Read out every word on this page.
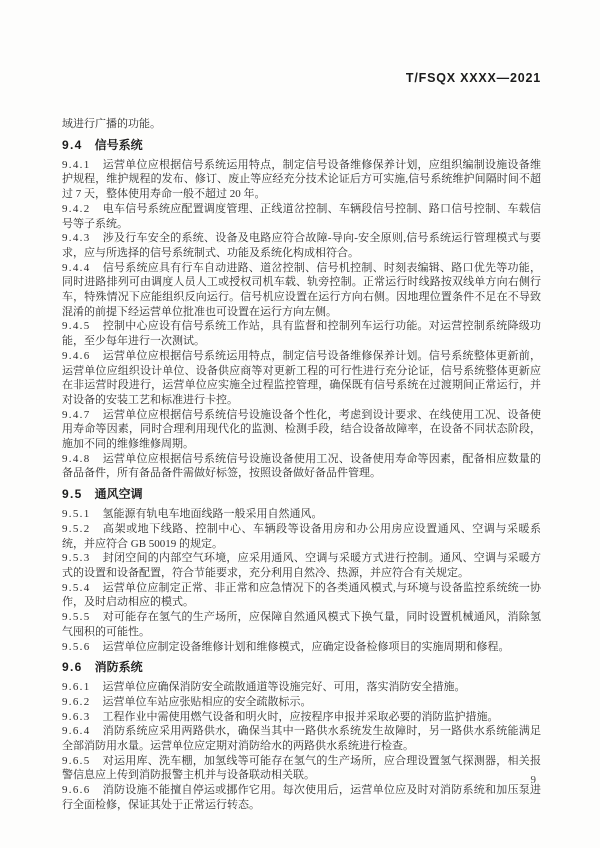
T/FSQX XXXX—2021

域进行广播的功能。

9.4 信号系统

9.4.1 运营单位应根据信号系统运用特点，制定信号设备维修保养计划，应组织编制设施设备维护规程，维护规程的发布、修订、废止等应经充分技术论证后方可实施,信号系统维护间隔时间不超过 7 天，整体使用寿命一般不超过 20 年。

9.4.2 电车信号系统应配置调度管理、正线道岔控制、车辆段信号控制、路口信号控制、车载信号等子系统。

9.4.3 涉及行车安全的系统、设备及电路应符合故障-导向-安全原则,信号系统运行管理模式与要求，应与所选择的信号系统制式、功能及系统化构成相符合。

9.4.4 信号系统应具有行车自动进路、道岔控制、信号机控制、时刻表编辑、路口优先等功能，同时进路排列可由调度人员人工或授权司机车载、轨旁控制。正常运行时线路按双线单方向右侧行车，特殊情况下应能组织反向运行。信号机应设置在运行方向右侧。因地理位置条件不足在不导致混淆的前提下经运营单位批准也可设置在运行方向左侧。

9.4.5 控制中心应设有信号系统工作站，具有监督和控制列车运行功能。对运营控制系统降级功能，至少每年进行一次测试。

9.4.6 运营单位应根据信号系统运用特点，制定信号设备维修保养计划。信号系统整体更新前，运营单位应组织设计单位、设备供应商等对更新工程的可行性进行充分论证，信号系统整体更新应在非运营时段进行，运营单位应实施全过程监控管理，确保既有信号系统在过渡期间正常运行，并对设备的安装工艺和标准进行卡控。

9.4.7 运营单位应根据信号系统信号设施设备个性化，考虑到设计要求、在线使用工况、设备使用寿命等因素，同时合理利用现代化的监测、检测手段，结合设备故障率，在设备不同状态阶段，施加不同的维修维修周期。

9.4.8 运营单位应根据信号系统信号设施设备使用工况、设备使用寿命等因素，配备相应数量的备品备件，所有备品备件需做好标签，按照设备做好备品件管理。

9.5 通风空调

9.5.1 氢能源有轨电车地面线路一般采用自然通风。

9.5.2 高架或地下线路、控制中心、车辆段等设备用房和办公用房应设置通风、空调与采暖系统，并应符合 GB 50019 的规定。

9.5.3 封闭空间的内部空气环境，应采用通风、空调与采暖方式进行控制。通风、空调与采暖方式的设置和设备配置，符合节能要求，充分利用自然冷、热源，并应符合有关规定。

9.5.4 运营单位应制定正常、非正常和应急情况下的各类通风模式,与环境与设备监控系统统一协作，及时启动相应的模式。

9.5.5 对可能存在氢气的生产场所，应保障自然通风模式下换气量，同时设置机械通风，消除氢气囤积的可能性。

9.5.6 运营单位应制定设备维修计划和维修模式，应确定设备检修项目的实施周期和修程。

9.6 消防系统

9.6.1 运营单位应确保消防安全疏散通道等设施完好、可用，落实消防安全措施。

9.6.2 运营单位车站应张贴相应的安全疏散标示。

9.6.3 工程作业中需使用燃气设备和明火时，应按程序申报并采取必要的消防监护措施。

9.6.4 消防系统应采用两路供水，确保当其中一路供水系统发生故障时，另一路供水系统能满足全部消防用水量。运营单位应定期对消防给水的两路供水系统进行检查。

9.6.5 对运用库、洗车棚，加氢线等可能存在氢气的生产场所，应合理设置氢气探测器，相关报警信息应上传到消防报警主机并与设备联动相关联。

9.6.6 消防设施不能擅自停运或挪作它用。每次使用后，运营单位应及时对消防系统和加压泵进行全面检修，保证其处于正常运行转态。

9
